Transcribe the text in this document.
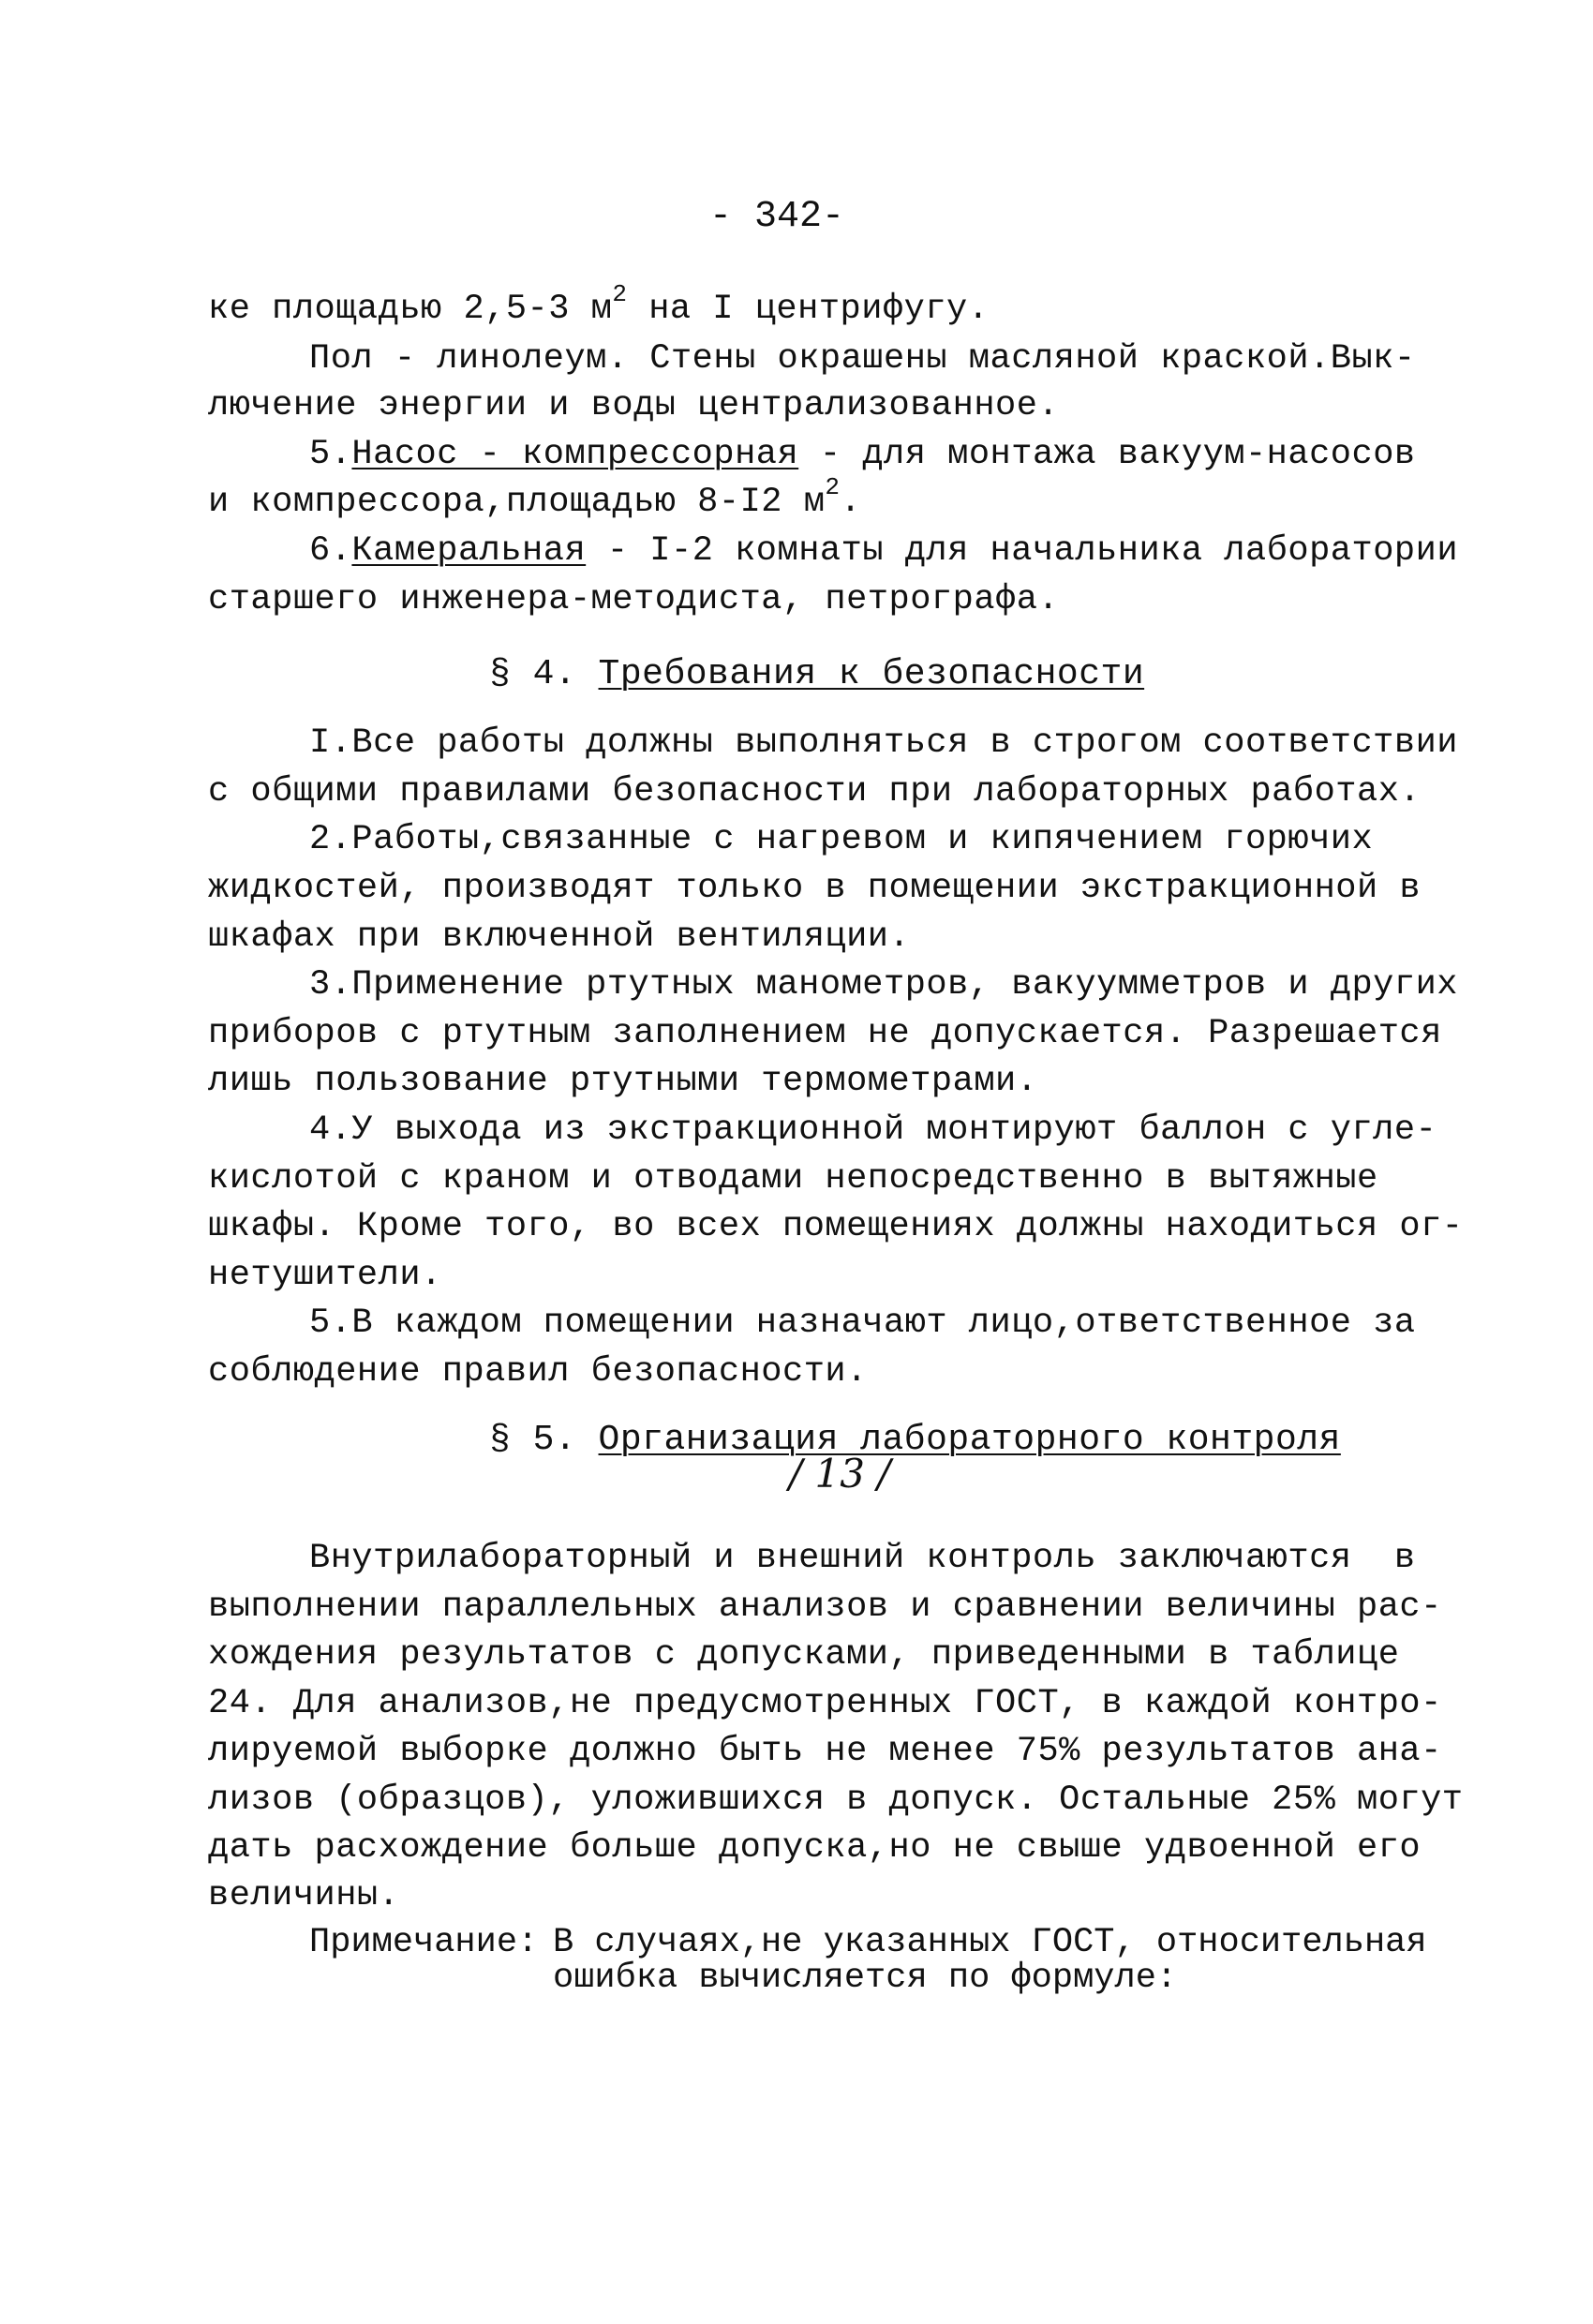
- 342-
ке площадью 2,5-3 $м^2$ на I центрифугу.
Пол - линолеум. Стены окрашены масляной краской.Вык-
лючение энергии и воды централизованное.
5.Насос - компрессорная - для монтажа вакуум-насосов
и компрессора,площадью 8-I2 $м^2$.
6.Камеральная - I-2 комнаты для начальника лаборатории
старшего инженера-методиста, петрографа.
§ 4. Требования к безопасности
I.Все работы должны выполняться в строгом соответствии
с общими правилами безопасности при лабораторных работах.
2.Работы,связанные с нагревом и кипячением горючих
жидкостей, производят только в помещении экстракционной в
шкафах при включенной вентиляции.
3.Применение ртутных манометров, вакуумметров и других
приборов с ртутным заполнением не допускается. Разрешается
лишь пользование ртутными термометрами.
4.У выхода из экстракционной монтируют баллон с угле-
кислотой с краном и отводами непосредственно в вытяжные
шкафы. Кроме того, во всех помещениях должны находиться ог-
нетушители.
5.В каждом помещении назначают лицо,ответственное за
соблюдение правил безопасности.
§ 5. Организация лабораторного контроля
/ 13 /
Внутрилабораторный и внешний контроль заключаются  в
выполнении параллельных анализов и сравнении величины рас-
хождения результатов с допусками, приведенными в таблице
24. Для анализов,не предусмотренных ГОСТ, в каждой контро-
лируемой выборке должно быть не менее 75% результатов ана-
лизов (образцов), уложившихся в допуск. Остальные 25% могут
дать расхождение больше допуска,но не свыше удвоенной его
величины.
Примечание: В случаях,не указанных ГОСТ, относительная
ошибка вычисляется по формуле:
